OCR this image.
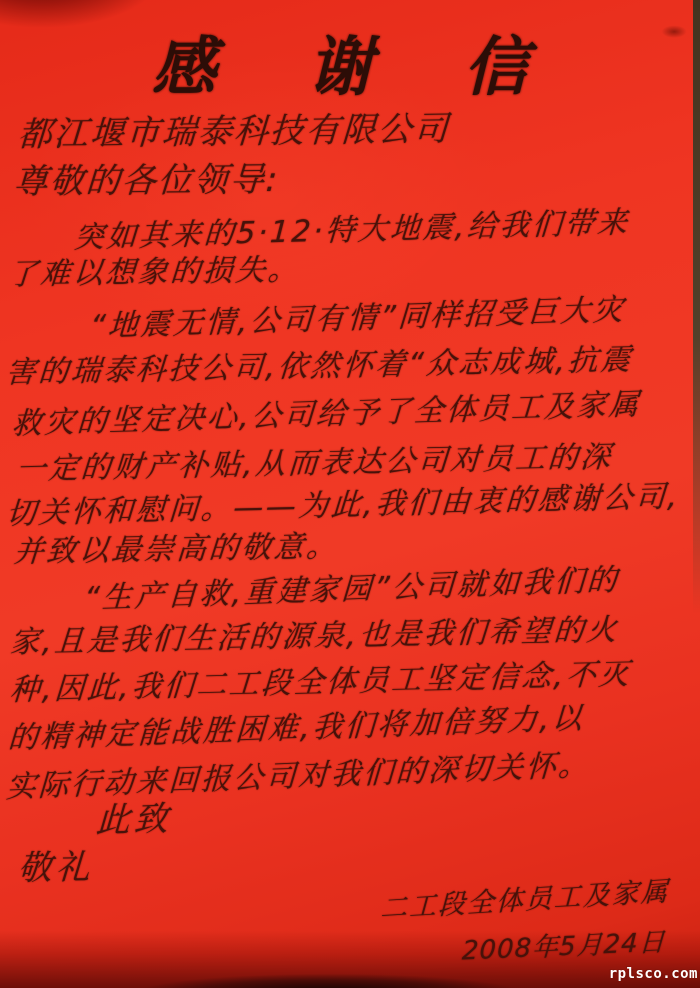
感谢信
都江堰市瑞泰科技有限公司
尊敬的各位领导:
突如其来的5·12·特大地震,给我们带来
了难以想象的损失。
“地震无情,公司有情”同样招受巨大灾
害的瑞泰科技公司,依然怀着“众志成城,抗震
救灾的坚定决心,公司给予了全体员工及家属
一定的财产补贴,从而表达公司对员工的深
切关怀和慰问。——为此,我们由衷的感谢公司,
并致以最崇高的敬意。
“生产自救,重建家园”公司就如我们的
家,且是我们生活的源泉,也是我们希望的火
种,因此,我们二工段全体员工坚定信念,不灭
的精神定能战胜困难,我们将加倍努力,以
实际行动来回报公司对我们的深切关怀。
此致
敬礼
二工段全体员工及家属
2008年5月24日
rplsco.com
